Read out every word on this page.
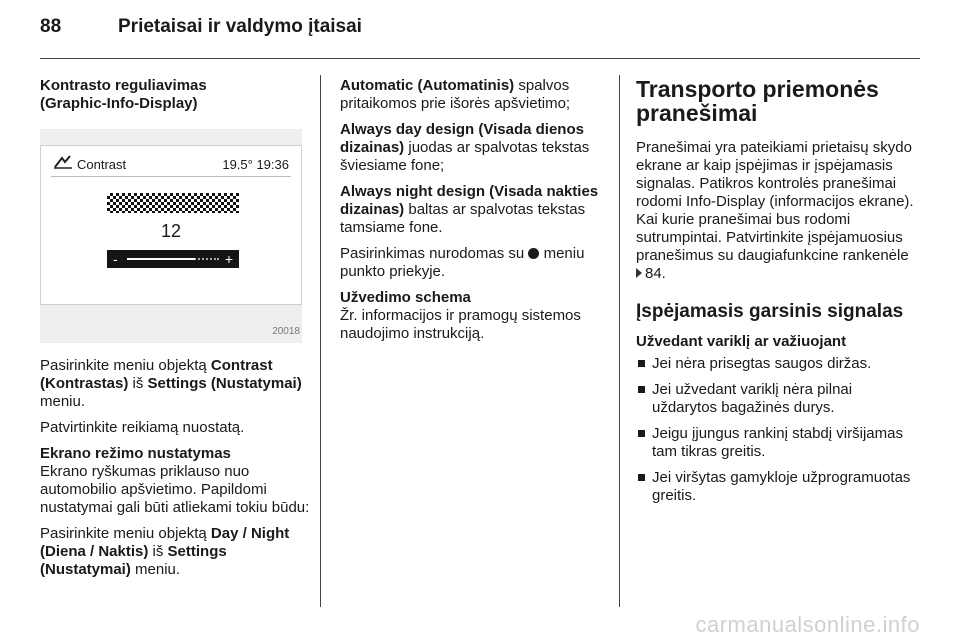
88	Prietaisai ir valdymo įtaisai
Kontrasto reguliavimas
(Graphic-Info-Display)
Contrast	19.5° 19:36
12
-	+
20018

Pasirinkite meniu objektą Contrast (Kontrastas) iš Settings (Nustatymai) meniu.

Patvirtinkite reikiamą nuostatą.

Ekrano režimo nustatymas

Ekrano ryškumas priklauso nuo automobilio apšvietimo. Papildomi nustatymai gali būti atliekami tokiu būdu:

Pasirinkite meniu objektą Day / Night (Diena / Naktis) iš Settings (Nustatymai) meniu.

Automatic (Automatinis) spalvos pritaikomos prie išorės apšvietimo;

Always day design (Visada dienos dizainas) juodas ar spalvotas tekstas šviesiame fone;

Always night design (Visada nakties dizainas) baltas ar spalvotas tekstas tamsiame fone.

Pasirinkimas nurodomas su  meniu punkto priekyje.

Užvedimo schema

Žr. informacijos ir pramogų sistemos naudojimo instrukciją.

Transporto priemonės
pranešimai

Pranešimai yra pateikiami prietaisų skydo ekrane ar kaip įspėjimas ir įspėjamasis signalas. Patikros kontrolės pranešimai rodomi Info-Display (informacijos ekrane). Kai kurie pranešimai bus rodomi sutrumpintai. Patvirtinkite įspėjamuosius pranešimus su daugiafunkcine rankenėle 84.

Įspėjamasis garsinis signalas
Užvedant variklį ar važiuojant
Jei nėra prisegtas saugos diržas.
Jei užvedant variklį nėra pilnai uždarytos bagažinės durys.
Jeigu įjungus rankinį stabdį viršijamas tam tikras greitis.
Jei viršytas gamykloje užprogramuotas greitis.
carmanualsonline.info
